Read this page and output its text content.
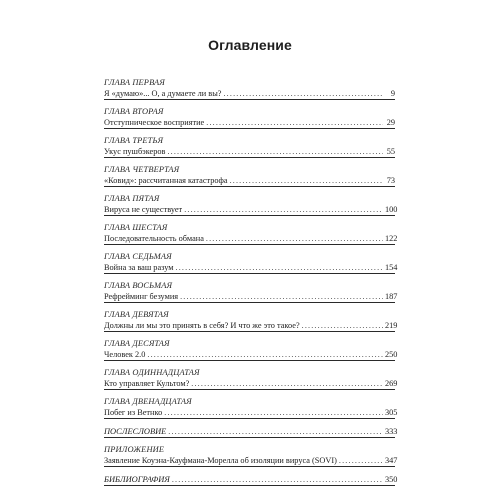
Оглавление
ГЛАВА ПЕРВАЯ
Я «думаю»... О, а думаете ли вы? .....	9
ГЛАВА ВТОРАЯ
Отступническое восприятие .....	29
ГЛАВА ТРЕТЬЯ
Укус пушбэкеров .....	55
ГЛАВА ЧЕТВЕРТАЯ
«Ковид»: рассчитанная катастрофа .....	73
ГЛАВА ПЯТАЯ
Вируса не существует .....	100
ГЛАВА ШЕСТАЯ
Последовательность обмана .....	122
ГЛАВА СЕДЬМАЯ
Война за ваш разум .....	154
ГЛАВА ВОСЬМАЯ
Рефрейминг безумия .....	187
ГЛАВА ДЕВЯТАЯ
Должны ли мы это принять в себя? И что же это такое? .....	219
ГЛАВА ДЕСЯТАЯ
Человек 2.0 .....	250
ГЛАВА ОДИННАДЦАТАЯ
Кто управляет Культом? .....	269
ГЛАВА ДВЕНАДЦАТАЯ
Побег из Ветнко .....	305
ПОСЛЕСЛОВИЕ .....	333
ПРИЛОЖЕНИЕ
Заявление Коуэна-Кауфмана-Морелла об изоляции вируса (SOVI) .....	347
БИБЛИОГРАФИЯ .....	350
